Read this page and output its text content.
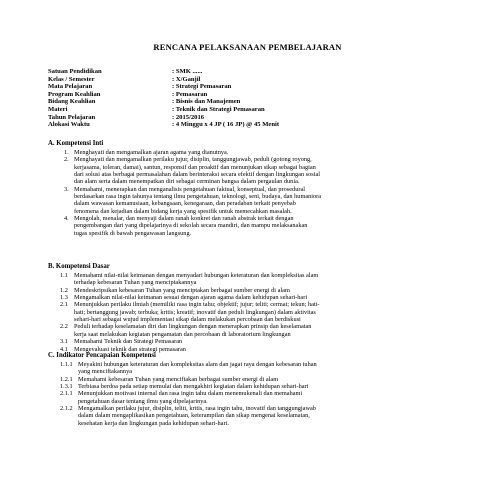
RENCANA PELAKSANAAN PEMBELAJARAN
Satuan Pendidikan	: SMK ......
Kelas / Semester	: X/Ganjil
Mata Pelajaran	: Strategi Pemasaran
Program Keahlian	: Pemasaran
Bidang Keahlian	: Bisnis dan Manajemen
Materi	: Teknik dan Strategi Pemasaran
Tahun Pelajaran	: 2015/2016
Alokasi Waktu	: 4 Minggu x 4 JP ( 16 JP) @ 45 Menit
A. Kompetensi Inti
1. Menghayati dan mengamalkan ajaran agama yang dianutnya.
2. Menghayati dan mengamalkan perilaku jujur, disiplin, tanggungjawab, peduli (gotong royong,
kerjasama, toleran, damai), santun, responsif dan proaktif dan menunjukan sikap sebagai bagian
dari solusi atas berbagai permasalahan dalam berinteraksi secara efektif dengan lingkungan sosial
dan alam serta dalam menempatkan diri sebagai cerminan bangsa dalam pergaulan dunia.
3. Memahami, menerapkan dan menganalisis pengetahuan faktual, konseptual, dan prosedural
berdasarkan rasa ingin tahunya tentang ilmu pengetahuan, teknologi, seni, budaya, dan humaniora
dalam wawasan kemanusiaan, kebangsaan, kenegaraan, dan peradaban terkait penyebab
fenomena dan kejadian dalam bidang kerja yang spesifik untuk memecahkan masalah.
4. Mengolah, menalar, dan menyaji dalam ranah konkret dan ranah abstrak terkait dengan
pengembangan dari yang dipelajarinya di sekolah secara mandiri, dan mampu melaksanakan
tugas spesifik di bawah pengawasan langsung.
B. Kompetensi Dasar
1.1 Memahami nilai-nilai keimanan dengan menyadari hubungan keteraturan dan kompleksitas alam
terhadap kebesaran Tuhan yang menciptakannya
1.2 Mendeskripsikan kebesaran Tuhan yang menciptakan berbagai sumber energi di alam
1.3 Mengamalkan nilai-nilai keimanan sesuai dengan ajaran agama dalam kehidupan sehari-hari
2.1 Menunjukkan perilaku ilmiah (memiliki rasa ingin tahu; objektif; jujur; teliti; cermat; tekun; hati-
hati; bertanggung jawab; terbuka; kritis; kreatif; inovatif dan peduli lingkungan) dalam aktivitas
sehari-hari sebagai wujud implementasi sikap dalam melakukan percobaan dan berdiskusi
2.2 Peduli terhadap keselamatan diri dan lingkungan dengan menerapkan prinsip dan keselamatan
kerja saat melakukan kegiatan pengamatan dan percobaan di laboratorium lingkungan
3.1 Memahami Teknik dan Strategi Pemasaran
4.1 Mengevaluasi teknik dan strategi pemasaran
C. Indikator Pencapaian Kompetensi
1.1.1 Meyakini hubungan keteraturan dan kompleksitas alam dan jagat raya dengan kebesaran tuhan
yang menciftakannya
1.2.1 Memahami kebesaran Tuhan yang menciftakan berbagai sumber energi di alam
1.3.1 Terbiasa berdoa pada setiap memulai dan mengakhiri kegiatan dalam kehidupan sehari-hari
2.1.1 Menunjukkan motivasi internal dan rasa ingin tahu dalam menemukenali dan memahami
pengetahuan dasar tentang ilmu yang dipelajarinya.
2.1.2 Mengamalkan perilaku jujur, disiplin, teliti, kritis, rasa ingin tahu, inovatif dan tanggungjawab
dalam dalam mengaplikasikan pengetahuan, keterampilan dan sikap mengenai keselamatan,
kesehatan kerja dan lingkungan pada kehidupan sehari-hari.
